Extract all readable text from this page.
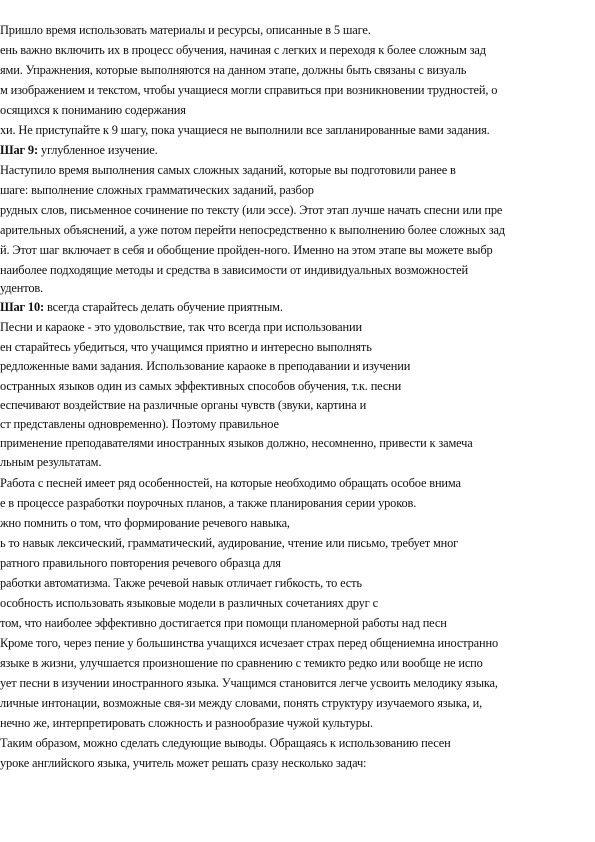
Пришло время использовать материалы и ресурсы, описанные в 5 шаге.
ень важно включить их в процесс обучения, начиная с легких и переходя к более сложным зад
ями. Упражнения, которые выполняются на данном этапе, должны быть связаны с визуаль
м изображением и текстом, чтобы учащиеся могли справиться при возникновении трудностей, о
осящихся к пониманию содержания
хи. Не приступайте к 9 шагу, пока учащиеся не выполнили все запланированные вами задания.
Шаг 9: углубленное изучение.
Наступило время выполнения самых сложных заданий, которые вы подготовили ранее в
шаге: выполнение сложных грамматических заданий, разбор
рудных слов, письменное сочинение по тексту (или эссе). Этот этап лучше начать спесни или пре
арительных объяснений, а уже потом перейти непосредственно к выполнению более сложных зад
й. Этот шаг включает в себя и обобщение пройден-ного. Именно на этом этапе вы можете выбр
наиболее подходящие методы и средства в зависимости от индивидуальных возможностей
удентов.
Шаг 10: всегда старайтесь делать обучение приятным.
Песни и караоке - это удовольствие, так что всегда при использовании
ен старайтесь убедиться, что учащимся приятно и интересно выполнять
редложенные вами задания. Использование караоке в преподавании и изучении
остранных языков один из самых эффективных способов обучения, т.к. песни
еспечивают воздействие на различные органы чувств (звуки, картина и
ст представлены одновременно). Поэтому правильное
применение преподавателями иностранных языков должно, несомненно, привести к замеча
льным результатам.
Работа с песней имеет ряд особенностей, на которые необходимо обращать особое внима
е в процессе разработки поурочных планов, а также планирования серии уроков.
жно помнить о том, что формирование речевого навыка,
ь то навык лексический, грамматический, аудирование, чтение или письмо, требует мног
ратного правильного повторения речевого образца для
работки автоматизма. Также речевой навык отличает гибкость, то есть
особность использовать языковые модели в различных сочетаниях друг с
том, что наиболее эффективно достигается при помощи планомерной работы над песн
Кроме того, через пение у большинства учащихся исчезает страх перед общениемна иностранно
языке в жизни, улучшается произношение по сравнению с темикто редко или вообще не испо
ует песни в изучении иностранного языка. Учащимся становится легче усвоить мелодику языка,
личные интонации, возможные свя-зи между словами, понять структуру изучаемого языка, и,
нечно же, интерпретировать сложность и разнообразие чужой культуры.
Таким образом, можно сделать следующие выводы. Обращаясь к использованию песен
уроке английского языка, учитель может решать сразу несколько задач:
